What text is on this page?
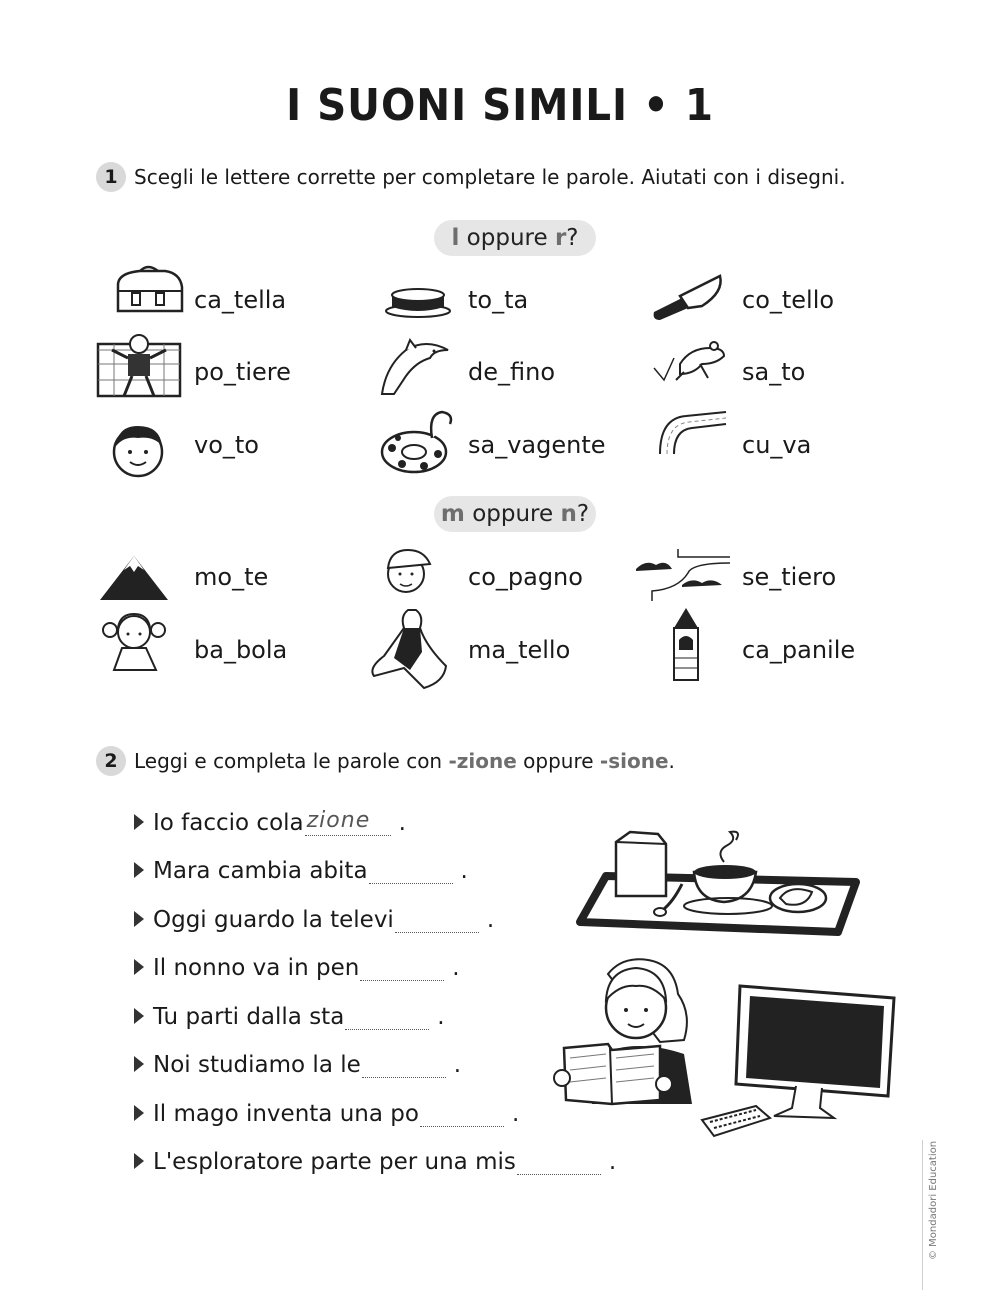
I SUONI SIMILI • 1
1 Scegli le lettere corrette per completare le parole. Aiutati con i disegni.
l oppure r ?
ca_tella	to_ta	co_tello
po_tiere	de_fino	sa_to
vo_to	sa_vagente	cu_va
m oppure n ?
mo_te	co_pagno	se_tiero
ba_bola	ma_tello	ca_panile
2 Leggi e completa le parole con -zione oppure -sione.
Io faccio cola zione .
Mara cambia abita	.
Oggi guardo la televi	.
Il nonno va in pen	.
Tu parti dalla sta	.
Noi studiamo la le	.
Il mago inventa una po	.
L'esploratore parte per una mis	.	© Mondadori Education
